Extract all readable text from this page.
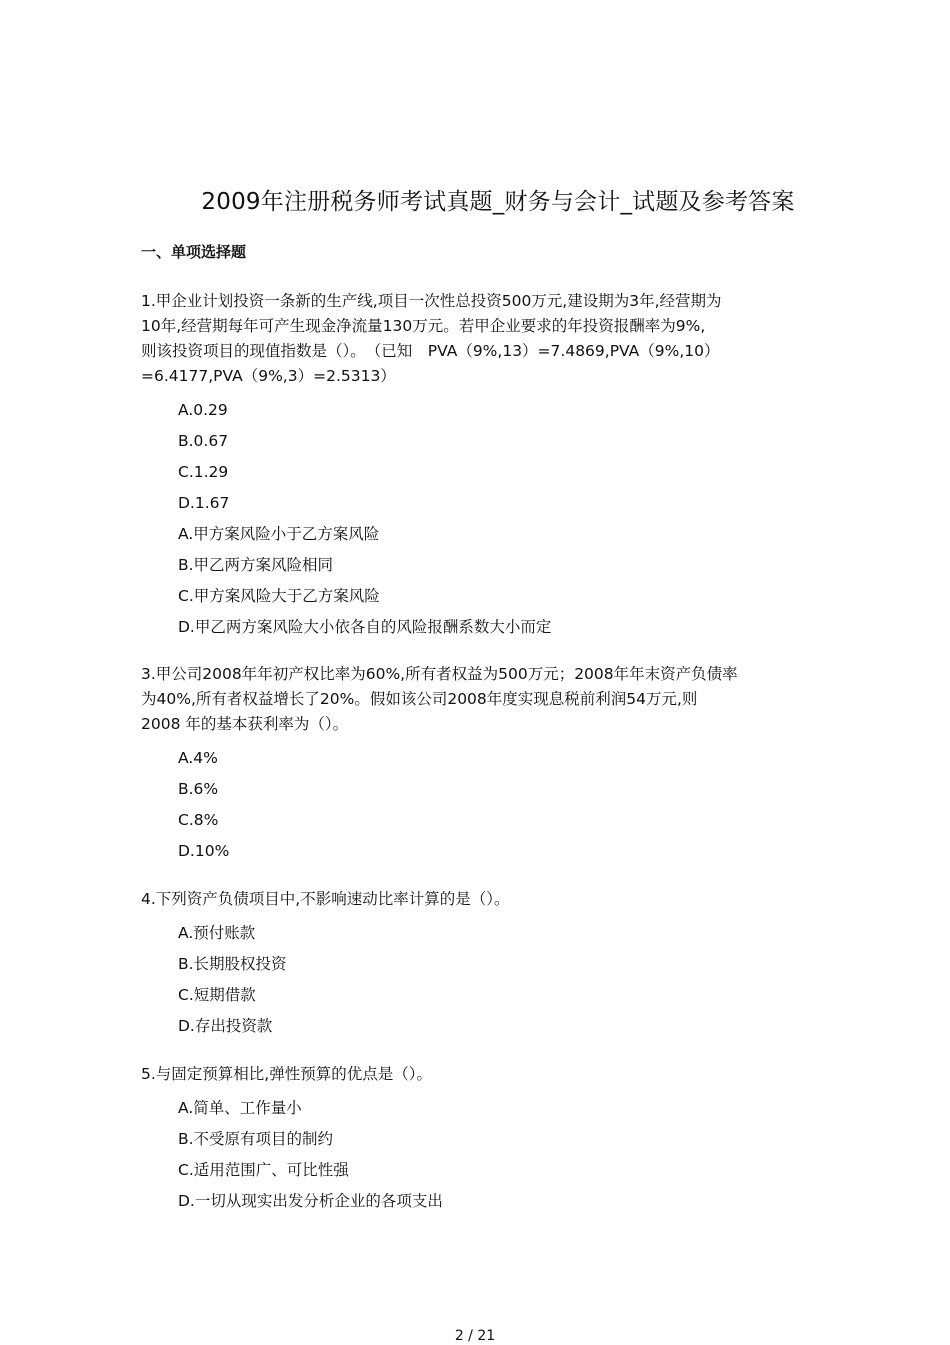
2009年注册税务师考试真题_财务与会计_试题及参考答案
一、单项选择题
1.甲企业计划投资一条新的生产线,项目一次性总投资500万元,建设期为3年,经营期为
10年,经营期每年可产生现金净流量130万元。若甲企业要求的年投资报酬率为9%,
则该投资项目的现值指数是（）。　（已知　PVA（9%,13）=7.4869,PVA（9%,10）
=6.4177,PVA（9%,3）=2.5313）
A.0.29
B.0.67
C.1.29
D.1.67
A.甲方案风险小于乙方案风险
B.甲乙两方案风险相同
C.甲方案风险大于乙方案风险
D.甲乙两方案风险大小依各自的风险报酬系数大小而定
3.甲公司2008年年初产权比率为60%,所有者权益为500万元；2008年年末资产负债率
为40%,所有者权益增长了20%。假如该公司2008年度实现息税前利润54万元,则
2008 年的基本获利率为（）。
A.4%
B.6%
C.8%
D.10%
4.下列资产负债项目中,不影响速动比率计算的是（）。
A.预付账款
B.长期股权投资
C.短期借款
D.存出投资款
5.与固定预算相比,弹性预算的优点是（）。
A.简单、工作量小
B.不受原有项目的制约
C.适用范围广、可比性强
D.一切从现实出发分析企业的各项支出
2 / 21
